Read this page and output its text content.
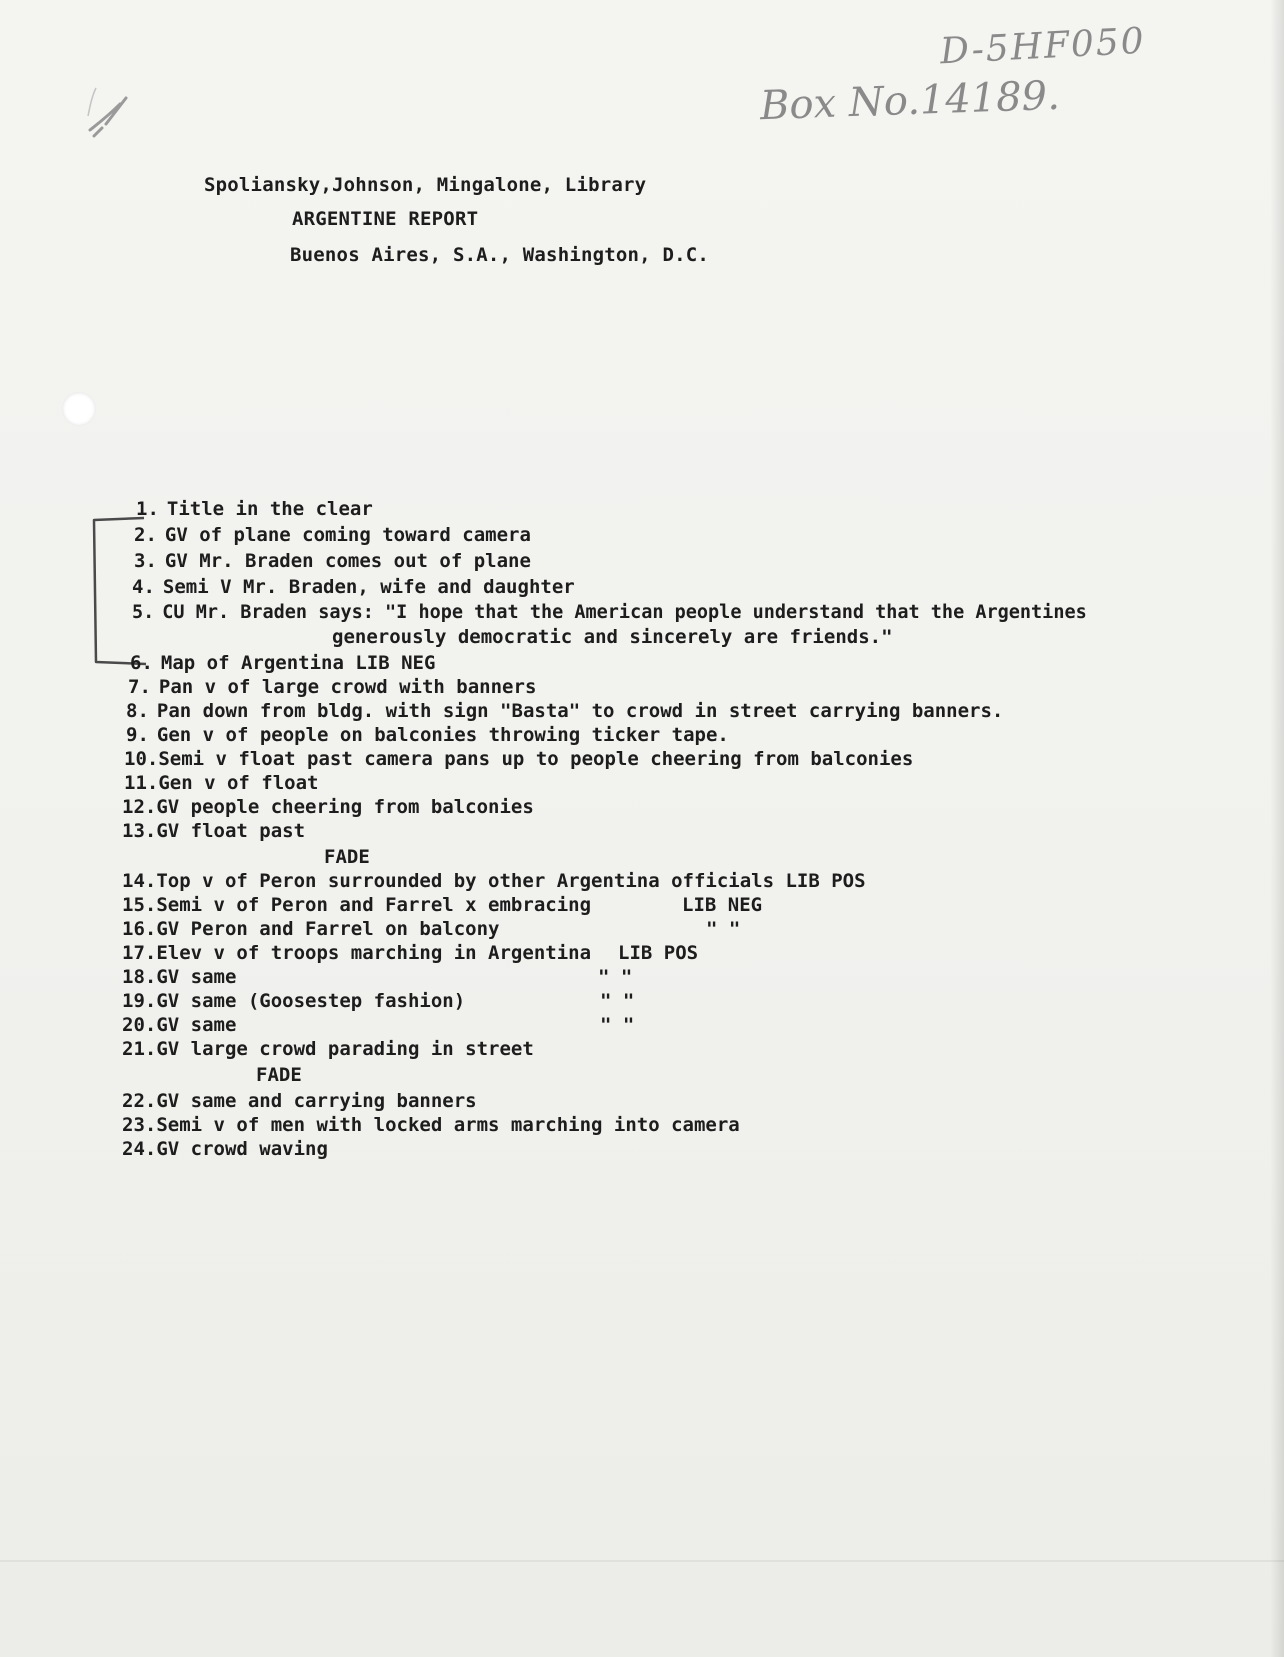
D-5HF050
Box No.14189.
Spoliansky,Johnson, Mingalone, Library
ARGENTINE REPORT
Buenos Aires, S.A., Washington, D.C.
1. Title in the clear
2. GV of plane coming toward camera
3. GV Mr. Braden comes out of plane
4. Semi V Mr. Braden, wife and daughter
5. CU Mr. Braden says: "I hope that the American people understand that the Argentines
generously democratic and sincerely are friends."
6. Map of Argentina LIB NEG
7. Pan v of large crowd with banners
8. Pan down from bldg. with sign "Basta" to crowd in street carrying banners.
9. Gen v of people on balconies throwing ticker tape.
10.Semi v float past camera pans up to people cheering from balconies
11.Gen v of float
12.GV people cheering from balconies
13.GV float past
FADE
14.Top v of Peron surrounded by other Argentina officials LIB POS
15.Semi v of Peron and Farrel x embracing	LIB NEG
16.GV Peron and Farrel on balcony	" "
17.Elev v of troops marching in Argentina LIB POS
18.GV same	" "
19.GV same (Goosestep fashion)	" "
20.GV same	" "
21.GV large crowd parading in street
FADE
22.GV same and carrying banners
23.Semi v of men with locked arms marching into camera
24.GV crowd waving
